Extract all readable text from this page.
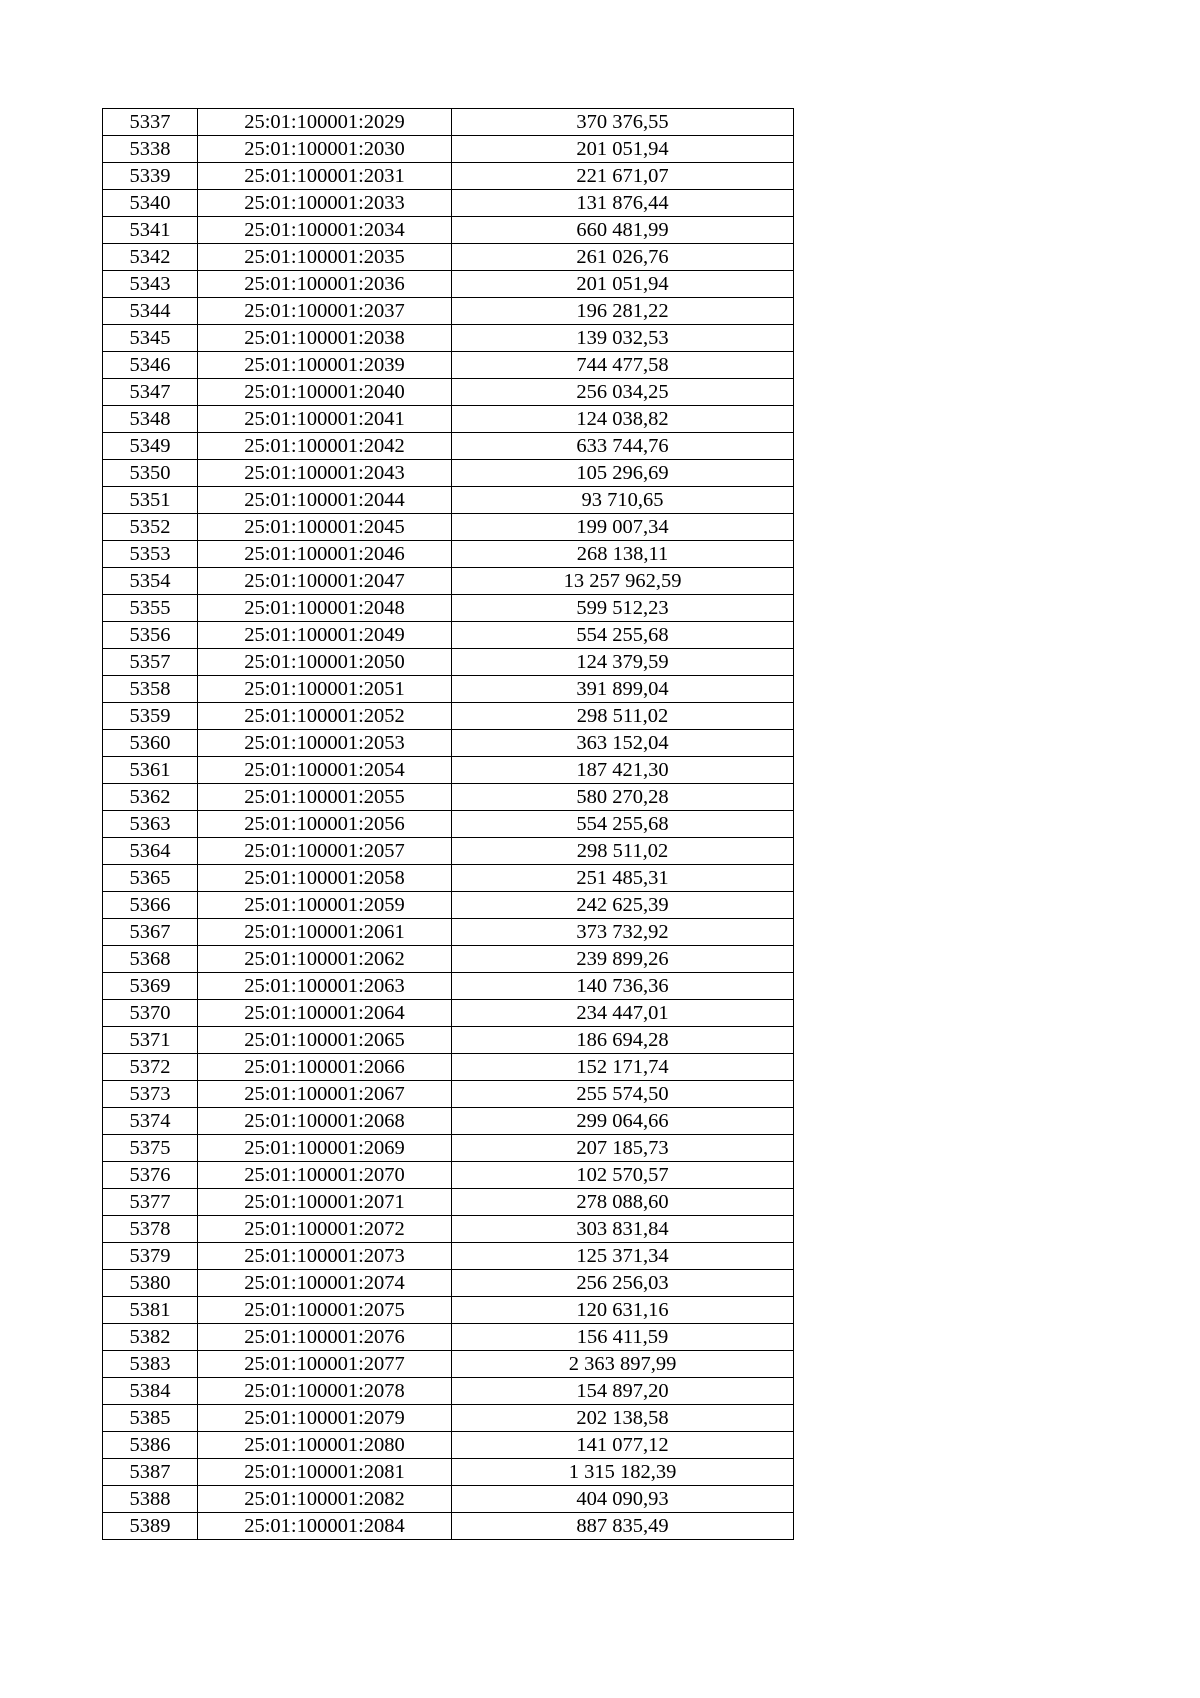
5337	25:01:100001:2029	370 376,55
5338	25:01:100001:2030	201 051,94
5339	25:01:100001:2031	221 671,07
5340	25:01:100001:2033	131 876,44
5341	25:01:100001:2034	660 481,99
5342	25:01:100001:2035	261 026,76
5343	25:01:100001:2036	201 051,94
5344	25:01:100001:2037	196 281,22
5345	25:01:100001:2038	139 032,53
5346	25:01:100001:2039	744 477,58
5347	25:01:100001:2040	256 034,25
5348	25:01:100001:2041	124 038,82
5349	25:01:100001:2042	633 744,76
5350	25:01:100001:2043	105 296,69
5351	25:01:100001:2044	93 710,65
5352	25:01:100001:2045	199 007,34
5353	25:01:100001:2046	268 138,11
5354	25:01:100001:2047	13 257 962,59
5355	25:01:100001:2048	599 512,23
5356	25:01:100001:2049	554 255,68
5357	25:01:100001:2050	124 379,59
5358	25:01:100001:2051	391 899,04
5359	25:01:100001:2052	298 511,02
5360	25:01:100001:2053	363 152,04
5361	25:01:100001:2054	187 421,30
5362	25:01:100001:2055	580 270,28
5363	25:01:100001:2056	554 255,68
5364	25:01:100001:2057	298 511,02
5365	25:01:100001:2058	251 485,31
5366	25:01:100001:2059	242 625,39
5367	25:01:100001:2061	373 732,92
5368	25:01:100001:2062	239 899,26
5369	25:01:100001:2063	140 736,36
5370	25:01:100001:2064	234 447,01
5371	25:01:100001:2065	186 694,28
5372	25:01:100001:2066	152 171,74
5373	25:01:100001:2067	255 574,50
5374	25:01:100001:2068	299 064,66
5375	25:01:100001:2069	207 185,73
5376	25:01:100001:2070	102 570,57
5377	25:01:100001:2071	278 088,60
5378	25:01:100001:2072	303 831,84
5379	25:01:100001:2073	125 371,34
5380	25:01:100001:2074	256 256,03
5381	25:01:100001:2075	120 631,16
5382	25:01:100001:2076	156 411,59
5383	25:01:100001:2077	2 363 897,99
5384	25:01:100001:2078	154 897,20
5385	25:01:100001:2079	202 138,58
5386	25:01:100001:2080	141 077,12
5387	25:01:100001:2081	1 315 182,39
5388	25:01:100001:2082	404 090,93
5389	25:01:100001:2084	887 835,49
